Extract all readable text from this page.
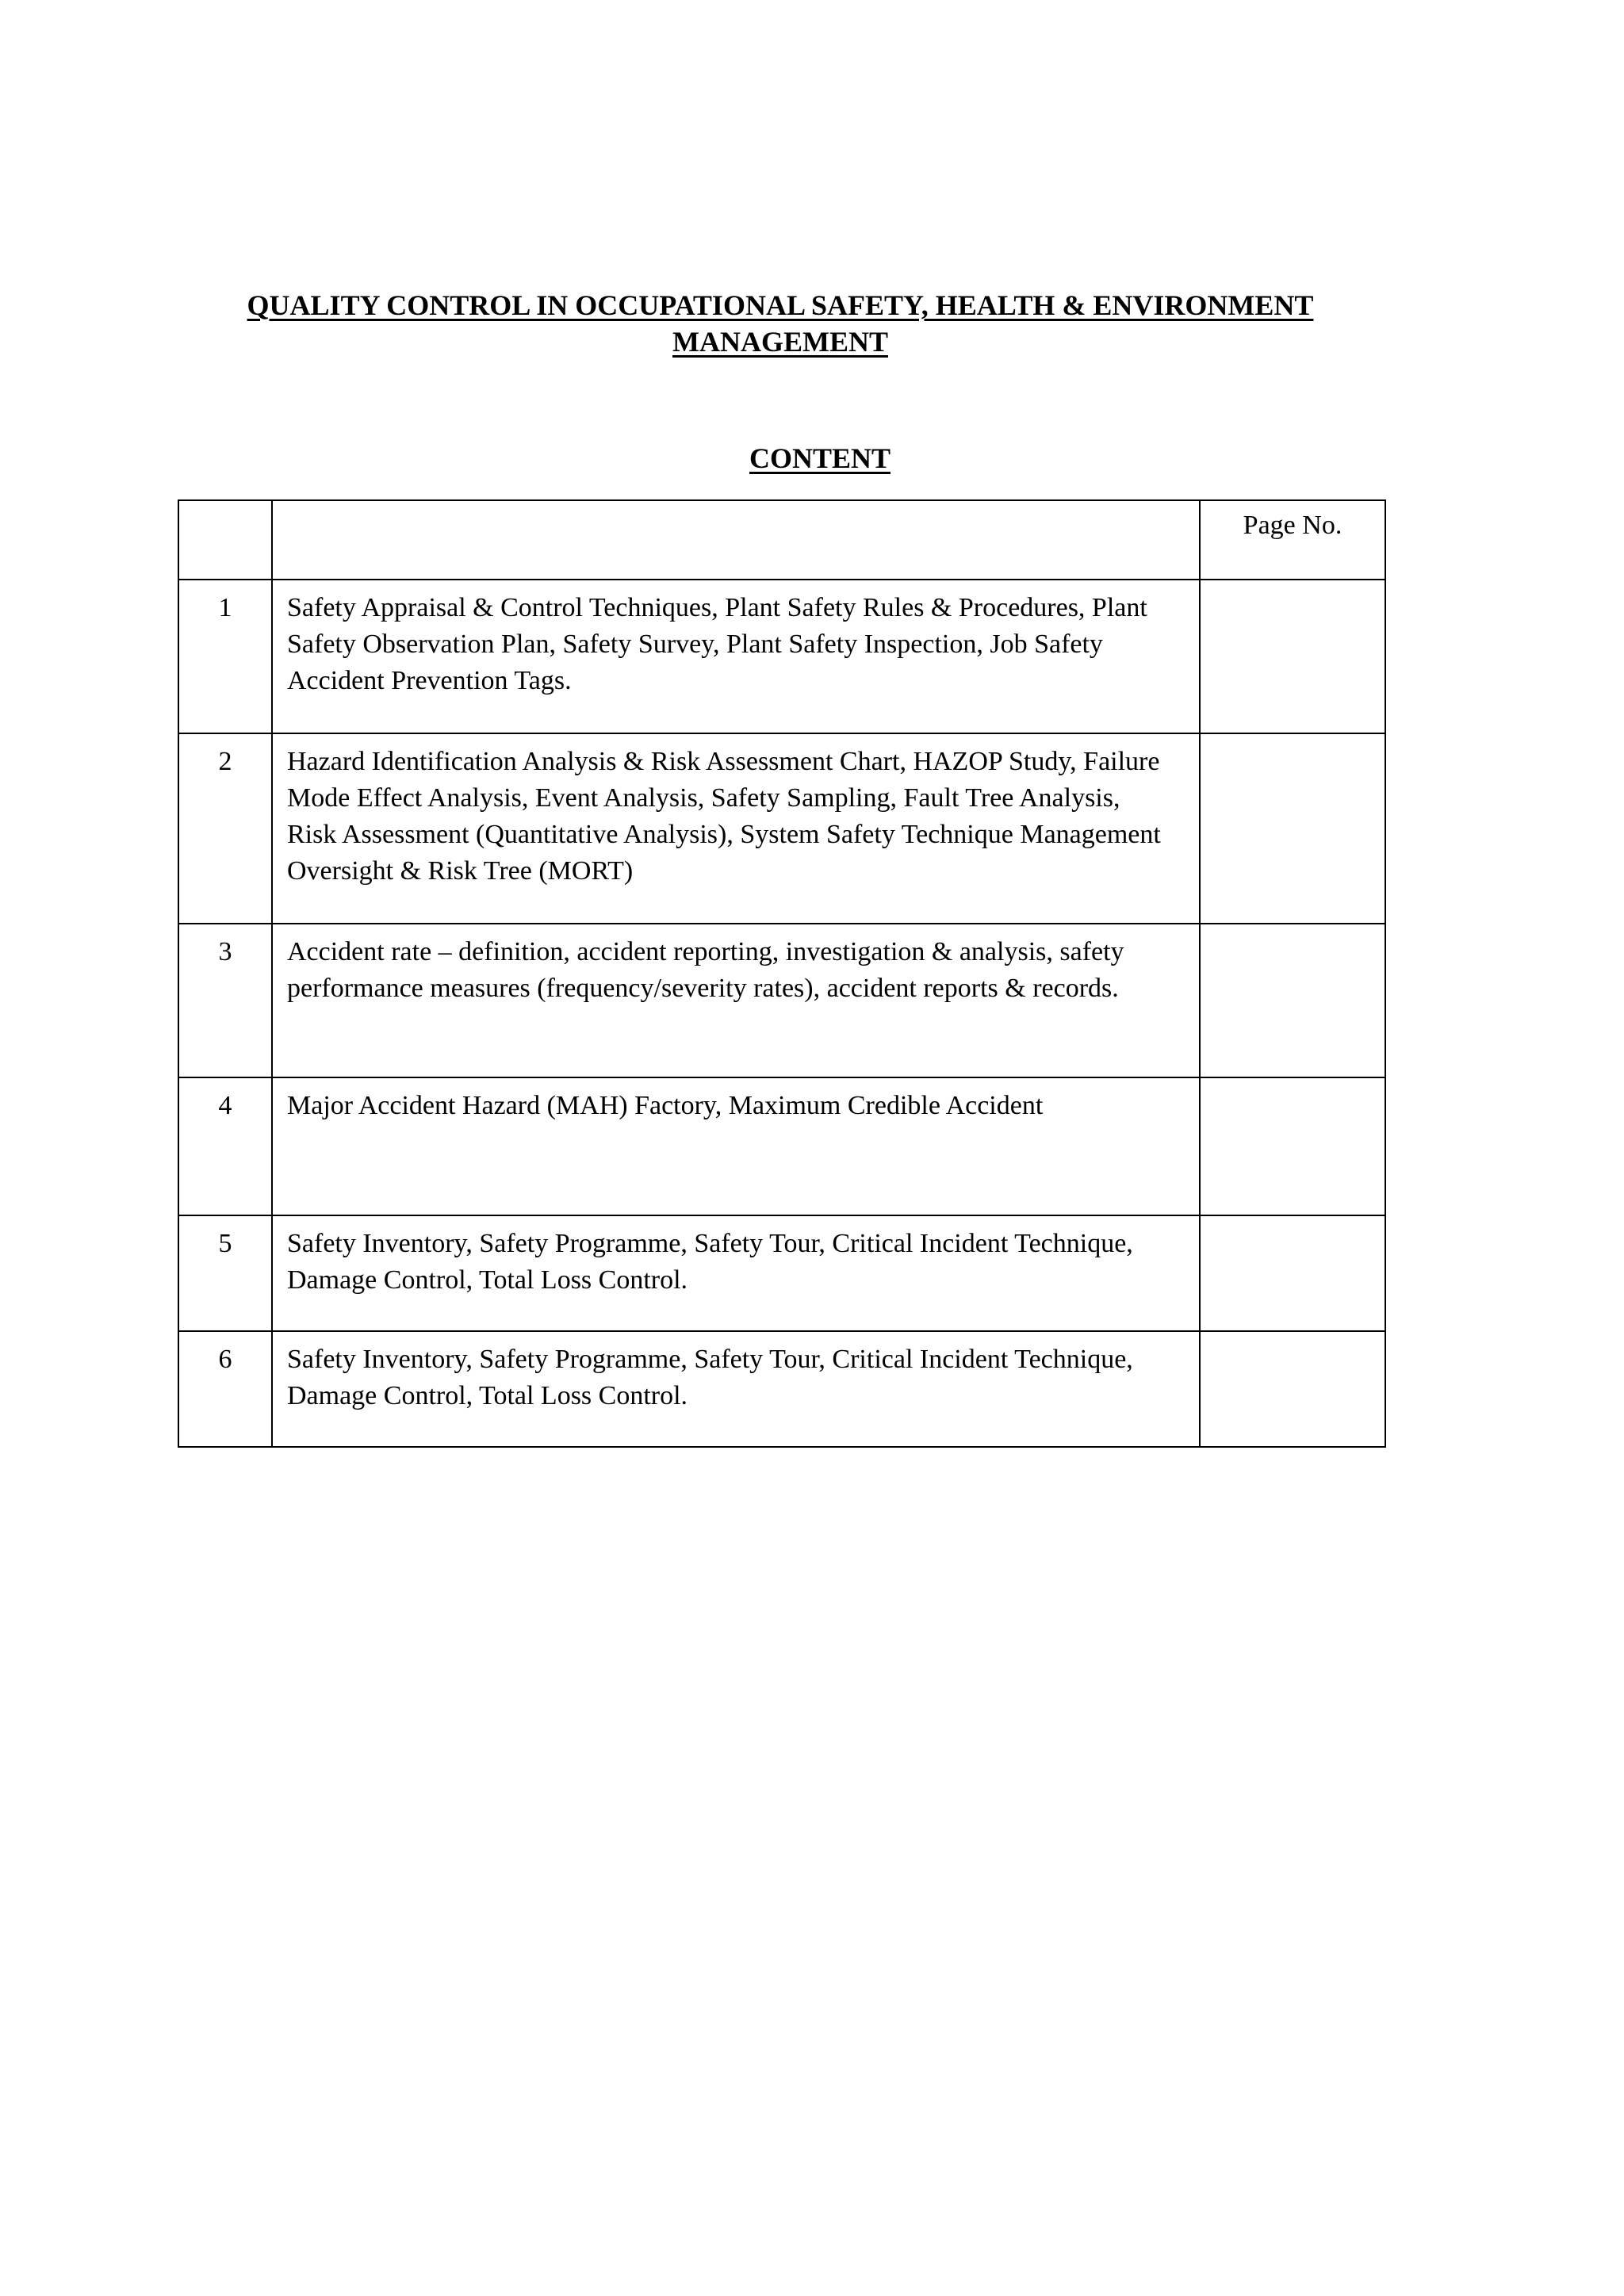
QUALITY CONTROL IN OCCUPATIONAL SAFETY, HEALTH & ENVIRONMENT
MANAGEMENT
CONTENT
		Page No.
1	Safety Appraisal & Control Techniques, Plant Safety Rules & Procedures, Plant Safety Observation Plan, Safety Survey, Plant Safety Inspection, Job Safety Accident Prevention Tags.	
2	Hazard Identification Analysis & Risk Assessment Chart, HAZOP Study, Failure Mode Effect Analysis, Event Analysis, Safety Sampling, Fault Tree Analysis, Risk Assessment (Quantitative Analysis), System Safety Technique Management Oversight & Risk Tree (MORT)	
3	Accident rate – definition, accident reporting, investigation & analysis, safety performance measures (frequency/severity rates), accident reports & records.	
4	Major Accident Hazard (MAH) Factory, Maximum Credible Accident	
5	Safety Inventory, Safety Programme, Safety Tour, Critical Incident Technique, Damage Control, Total Loss Control.	
6	Safety Inventory, Safety Programme, Safety Tour, Critical Incident Technique, Damage Control, Total Loss Control.	
